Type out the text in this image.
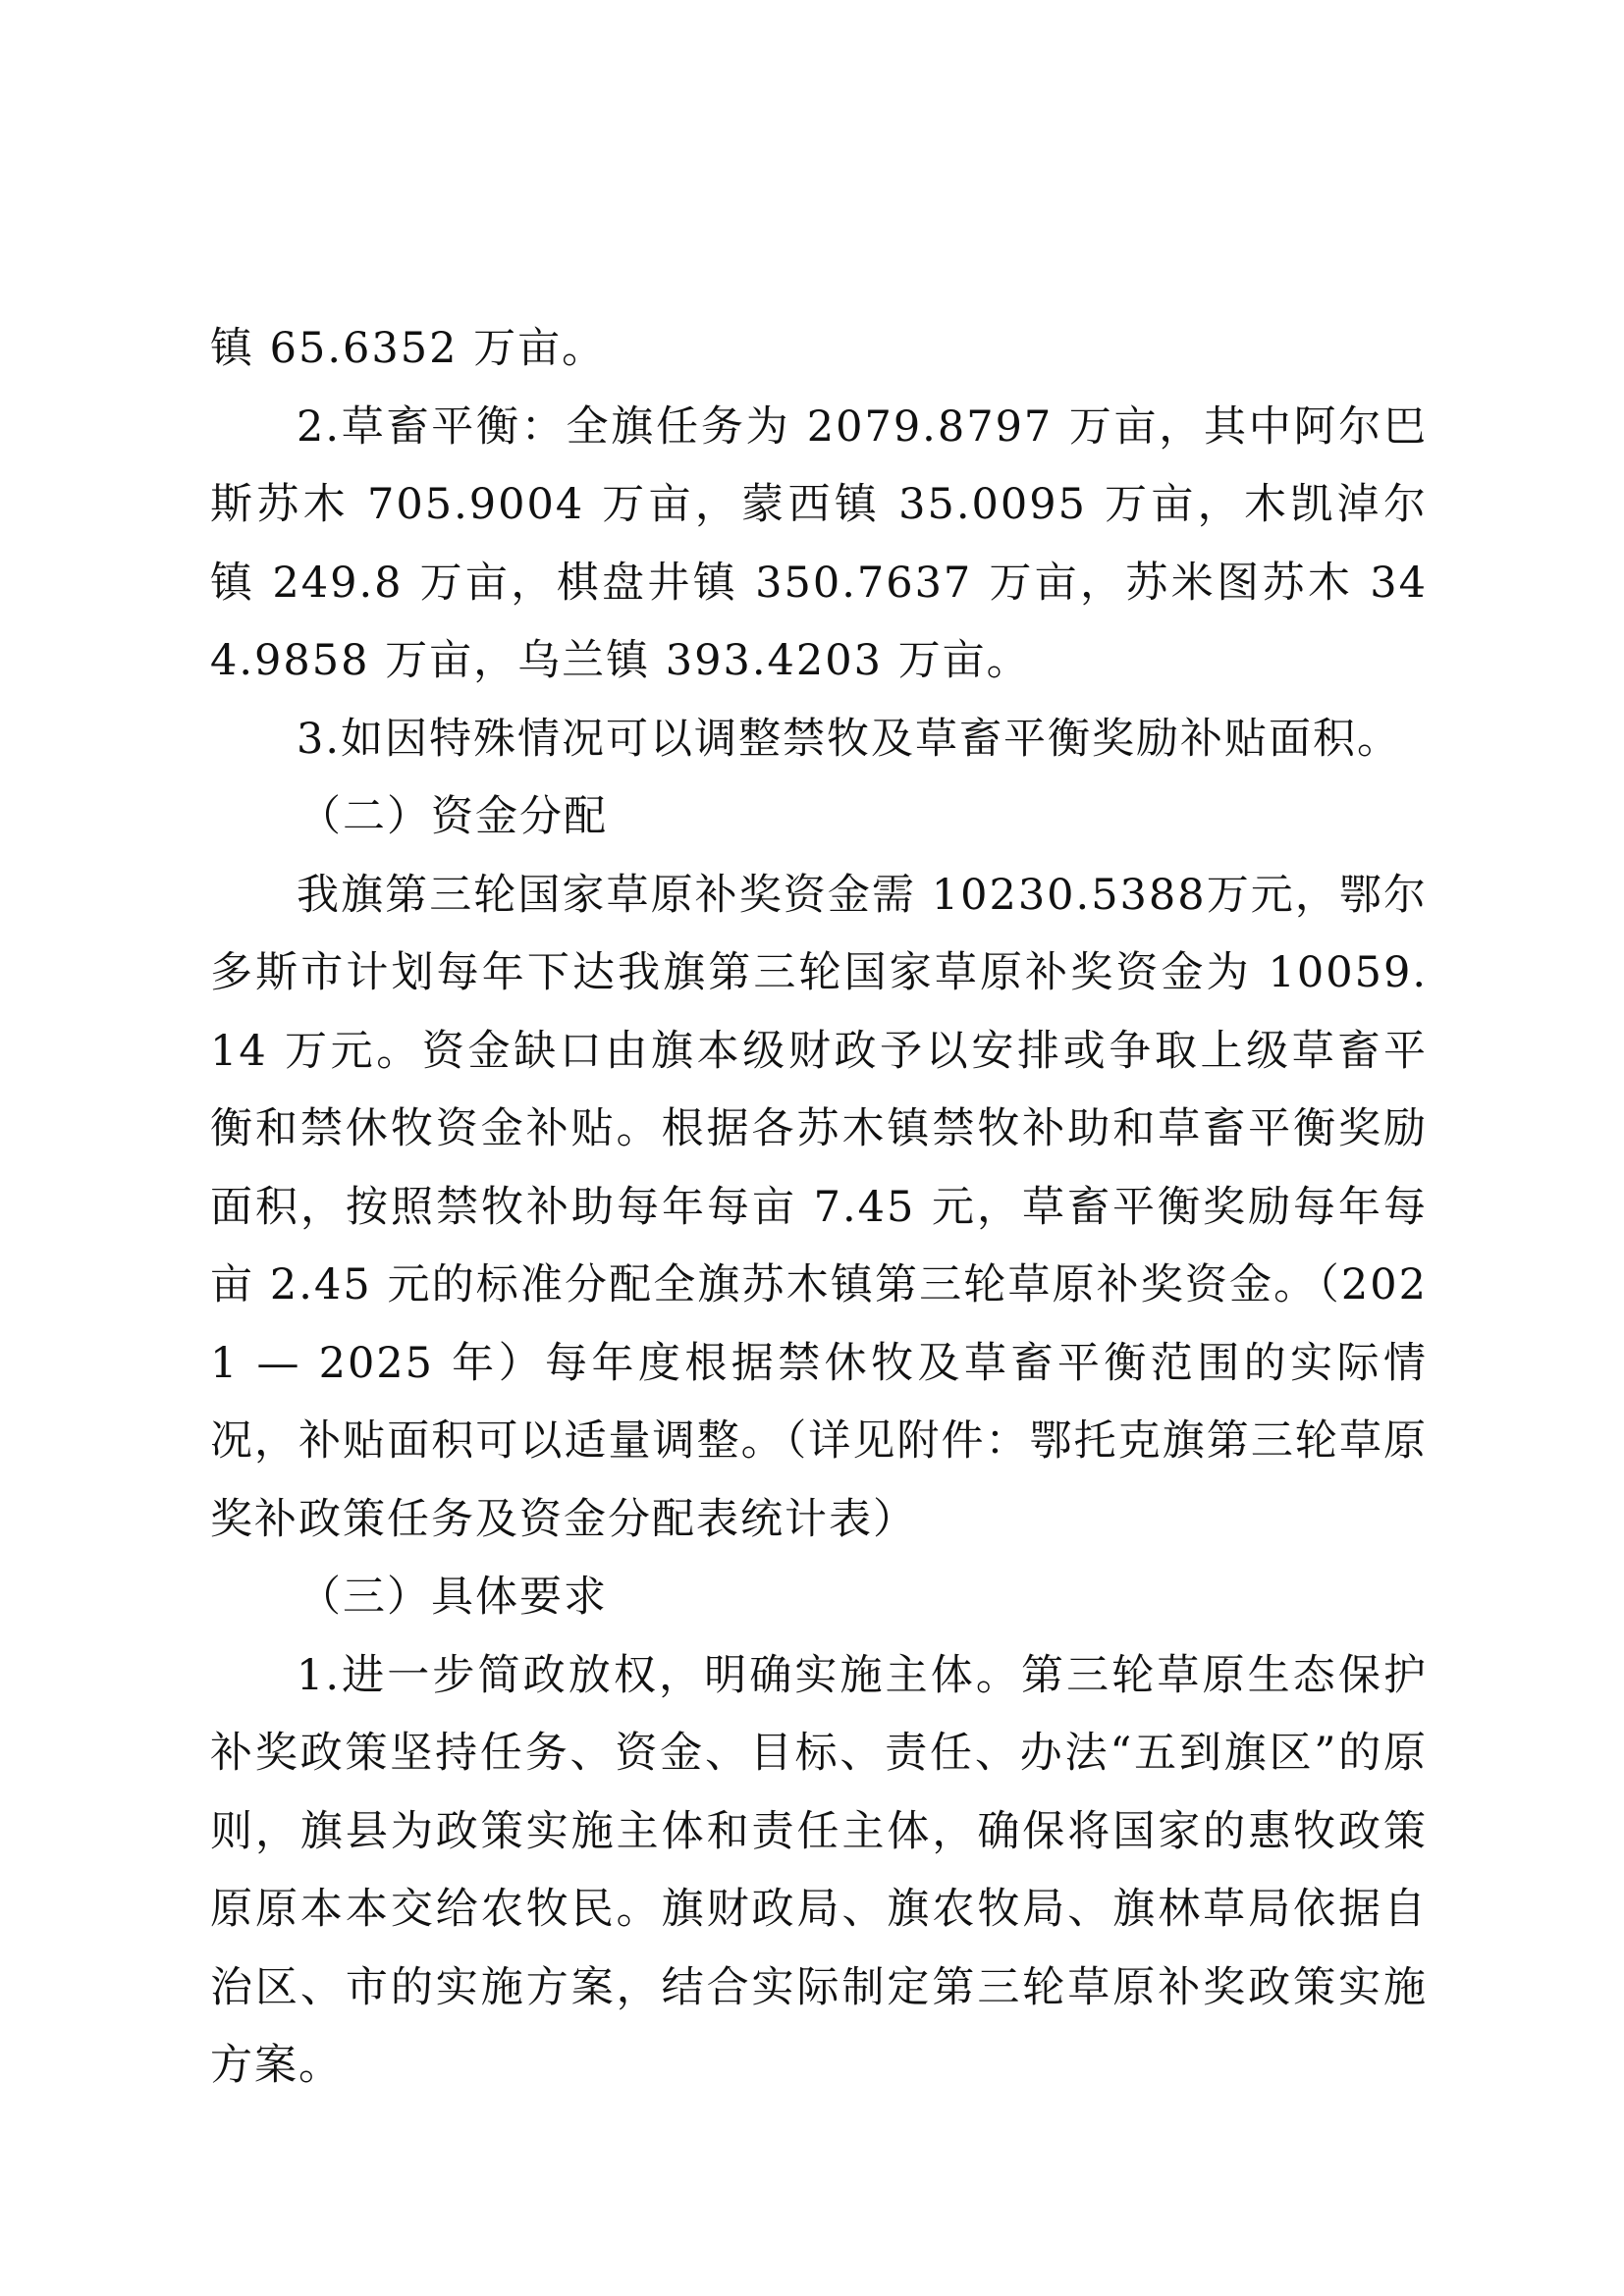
镇 65.6352 万亩。

2.草畜平衡：全旗任务为 2079.8797 万亩，其中阿尔巴斯苏木 705.9004 万亩，蒙西镇 35.0095 万亩，木凯淖尔镇 249.8 万亩，棋盘井镇 350.7637 万亩，苏米图苏木 344.9858 万亩，乌兰镇 393.4203 万亩。

3.如因特殊情况可以调整禁牧及草畜平衡奖励补贴面积。

（二）资金分配

我旗第三轮国家草原补奖资金需 10230.5388万元，鄂尔多斯市计划每年下达我旗第三轮国家草原补奖资金为 10059.14 万元。资金缺口由旗本级财政予以安排或争取上级草畜平衡和禁休牧资金补贴。根据各苏木镇禁牧补助和草畜平衡奖励面积，按照禁牧补助每年每亩 7.45 元，草畜平衡奖励每年每亩 2.45 元的标准分配全旗苏木镇第三轮草原补奖资金。（2021 — 2025 年）每年度根据禁休牧及草畜平衡范围的实际情况，补贴面积可以适量调整。（详见附件：鄂托克旗第三轮草原奖补政策任务及资金分配表统计表）

（三）具体要求

1.进一步简政放权，明确实施主体。第三轮草原生态保护补奖政策坚持任务、资金、目标、责任、办法“五到旗区”的原则，旗县为政策实施主体和责任主体，确保将国家的惠牧政策原原本本交给农牧民。旗财政局、旗农牧局、旗林草局依据自治区、市的实施方案，结合实际制定第三轮草原补奖政策实施方案。
